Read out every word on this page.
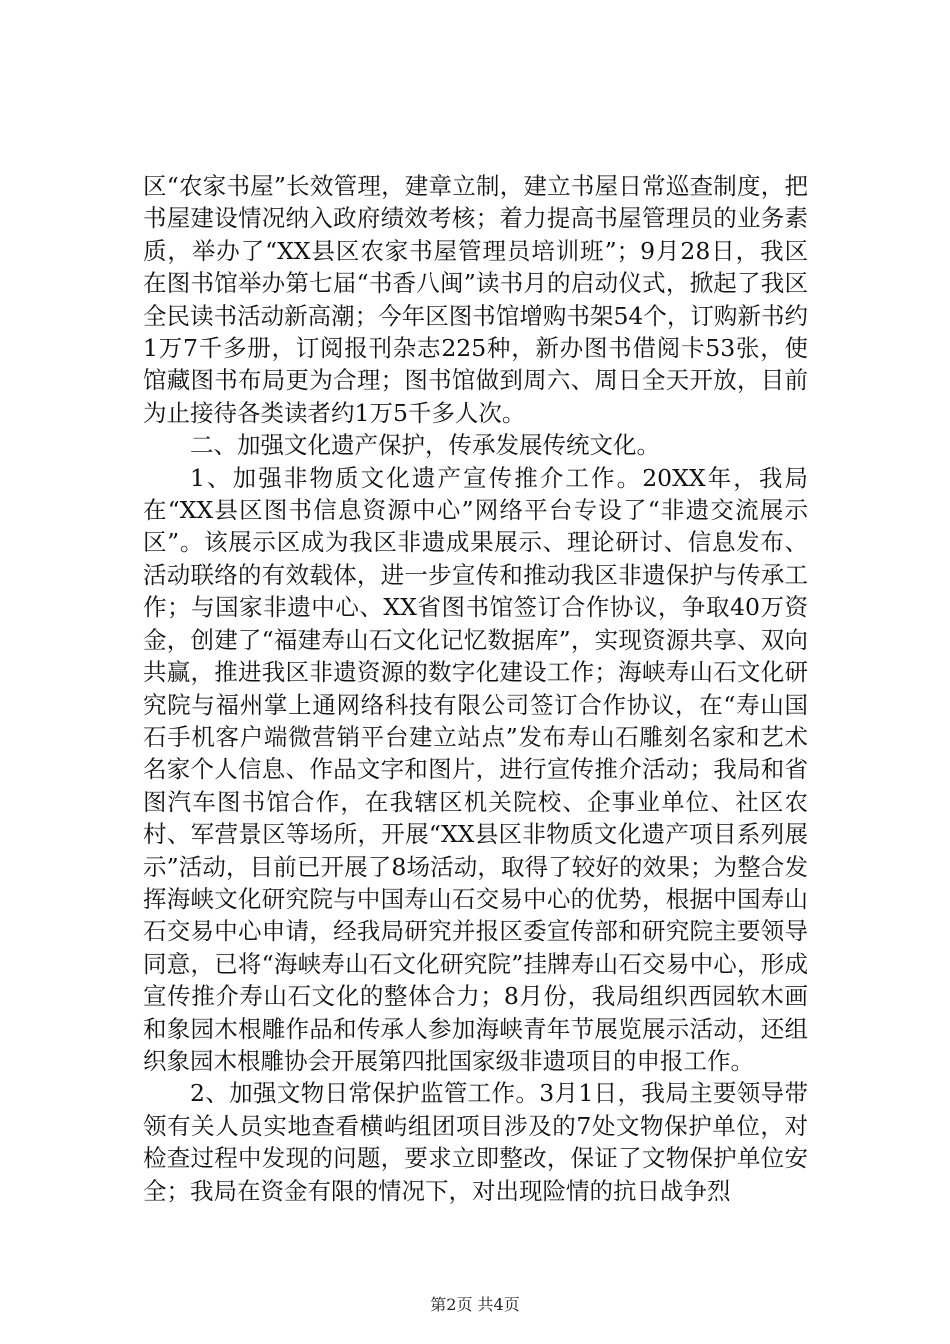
区“农家书屋”长效管理，建章立制，建立书屋日常巡查制度，把书屋建设情况纳入政府绩效考核；着力提高书屋管理员的业务素质，举办了“XX县区农家书屋管理员培训班”；9月28日，我区在图书馆举办第七届“书香八闽”读书月的启动仪式，掀起了我区全民读书活动新高潮；今年区图书馆增购书架54个，订购新书约1万7千多册，订阅报刊杂志225种，新办图书借阅卡53张，使馆藏图书布局更为合理；图书馆做到周六、周日全天开放，目前为止接待各类读者约1万5千多人次。

二、加强文化遗产保护，传承发展传统文化。

1、加强非物质文化遗产宣传推介工作。20XX年，我局在“XX县区图书信息资源中心”网络平台专设了“非遗交流展示区”。该展示区成为我区非遗成果展示、理论研讨、信息发布、活动联络的有效载体，进一步宣传和推动我区非遗保护与传承工作；与国家非遗中心、XX省图书馆签订合作协议，争取40万资金，创建了“福建寿山石文化记忆数据库”，实现资源共享、双向共赢，推进我区非遗资源的数字化建设工作；海峡寿山石文化研究院与福州掌上通网络科技有限公司签订合作协议，在“寿山国石手机客户端微营销平台建立站点”发布寿山石雕刻名家和艺术名家个人信息、作品文字和图片，进行宣传推介活动；我局和省图汽车图书馆合作，在我辖区机关院校、企事业单位、社区农村、军营景区等场所，开展“XX县区非物质文化遗产项目系列展示”活动，目前已开展了8场活动，取得了较好的效果；为整合发挥海峡文化研究院与中国寿山石交易中心的优势，根据中国寿山石交易中心申请，经我局研究并报区委宣传部和研究院主要领导同意，已将“海峡寿山石文化研究院”挂牌寿山石交易中心，形成宣传推介寿山石文化的整体合力；8月份，我局组织西园软木画和象园木根雕作品和传承人参加海峡青年节展览展示活动，还组织象园木根雕协会开展第四批国家级非遗项目的申报工作。

2、加强文物日常保护监管工作。3月1日，我局主要领导带领有关人员实地查看横屿组团项目涉及的7处文物保护单位，对检查过程中发现的问题，要求立即整改，保证了文物保护单位安全；我局在资金有限的情况下，对出现险情的抗日战争烈

第2页 共4页
